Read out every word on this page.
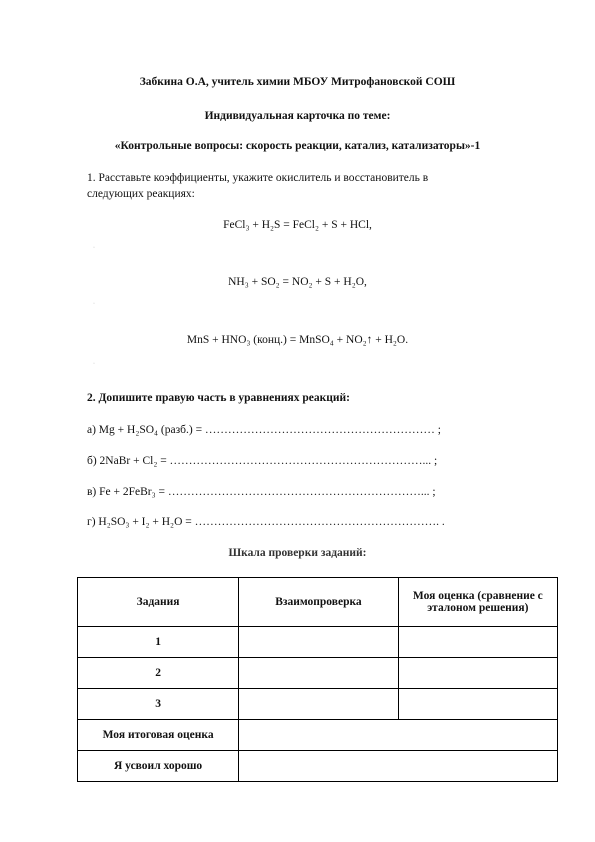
Забкина О.А, учитель химии МБОУ Митрофановской СОШ
Индивидуальная карточка по теме:
«Контрольные вопросы: скорость реакции, катализ, катализаторы»-1
1. Расставьте коэффициенты, укажите окислитель и восстановитель в
следующих реакциях:
FeCl₃ + H₂S = FeCl₂ + S + HCl,
·
NH₃ + SO₂ = NO₂ + S + H₂O,
·
MnS + HNO₃ (конц.) = MnSO₄ + NO₂↑ + H₂O.
·
2. Допишите правую часть в уравнениях реакций:
а) Mg + H₂SO₄ (разб.) = …………………………………………………… ;
б) 2NaBr + Cl₂ = …………………………………………………………... ;
в) Fe + 2FeBr₃ = …………………………………………………………... ;
г) H₂SO₃ + I₂ + H₂O = ………………………………………………………. .
Шкала проверки заданий:
Задания	Взаимопроверка	Моя оценка (сравнение с эталоном решения)
1		
2		
3		
Моя итоговая оценка		
Я усвоил хорошо		
